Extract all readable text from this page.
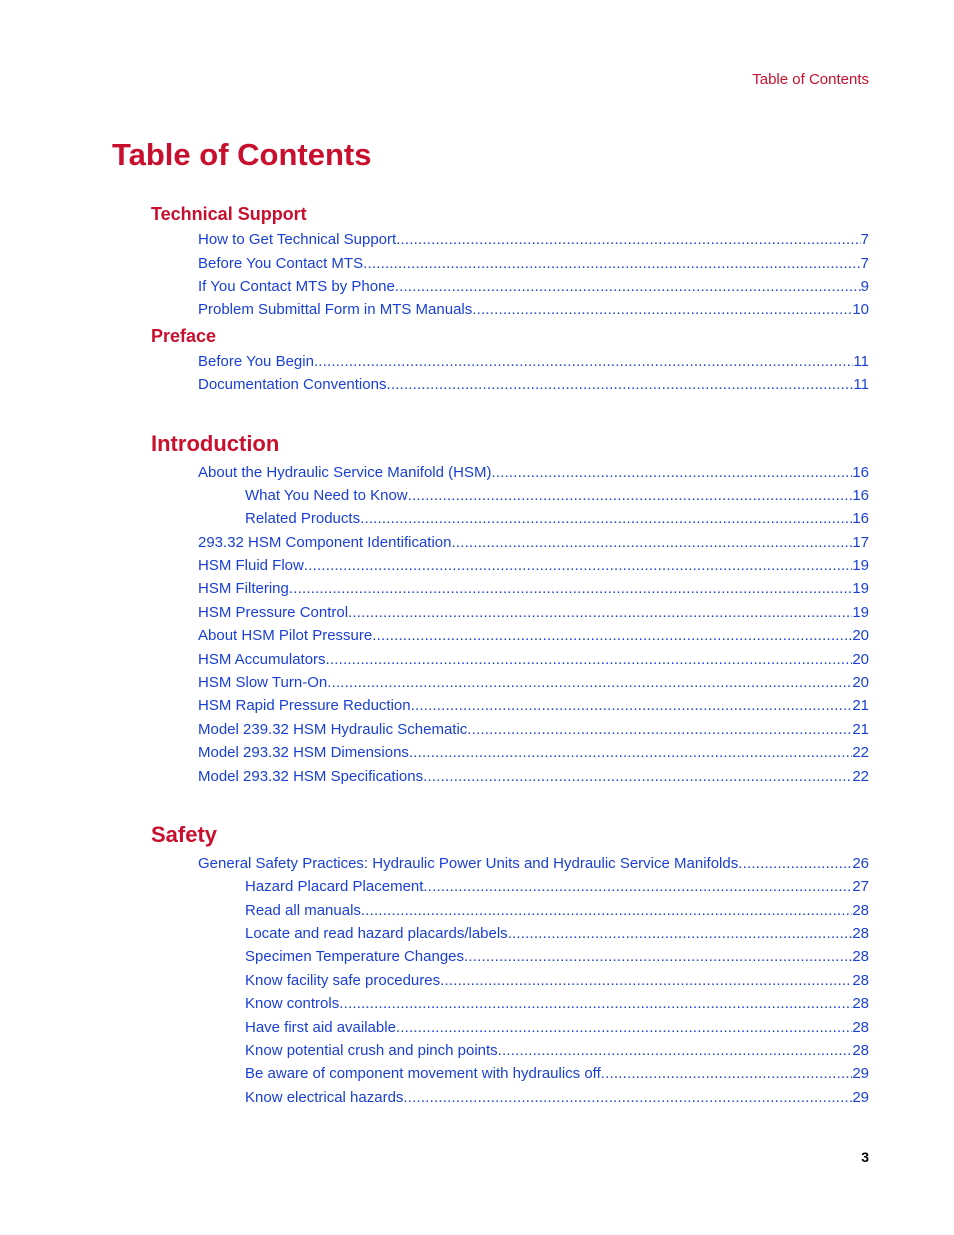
Table of Contents
Table of Contents
Technical Support
How to Get Technical Support .....	7
Before You Contact MTS .....	7
If You Contact MTS by Phone .....	9
Problem Submittal Form in MTS Manuals .....	10
Preface
Before You Begin .....	11
Documentation Conventions .....	11
Introduction
About the Hydraulic Service Manifold (HSM) .....	16
What You Need to Know .....	16
Related Products .....	16
293.32 HSM Component Identification .....	17
HSM Fluid Flow .....	19
HSM Filtering .....	19
HSM Pressure Control .....	19
About HSM Pilot Pressure .....	20
HSM Accumulators .....	20
HSM Slow Turn-On .....	20
HSM Rapid Pressure Reduction .....	21
Model 239.32 HSM Hydraulic Schematic .....	21
Model 293.32 HSM Dimensions .....	22
Model 293.32 HSM Specifications .....	22
Safety
General Safety Practices: Hydraulic Power Units and Hydraulic Service Manifolds .....	26
Hazard Placard Placement .....	27
Read all manuals .....	28
Locate and read hazard placards/labels .....	28
Specimen Temperature Changes .....	28
Know facility safe procedures .....	28
Know controls .....	28
Have first aid available .....	28
Know potential crush and pinch points .....	28
Be aware of component movement with hydraulics off .....	29
Know electrical hazards .....	29
3
